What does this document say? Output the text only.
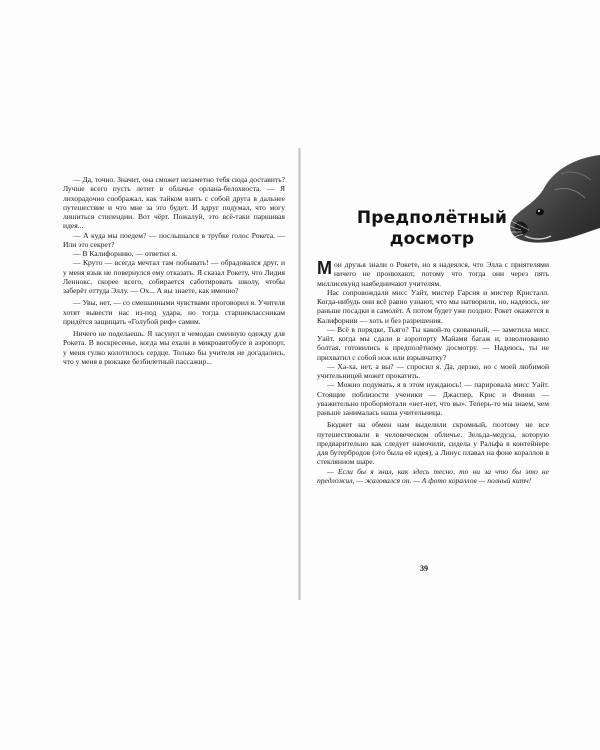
— Да, точно. Значит, она сможет незаметно тебя сюда доставить? Лучше всего пусть летит в облачье орлана-белохвоста. — Я лихорадочно соображал, как тайком взять с собой друга в дальнее путешествие и что мне за это будет. И вдруг подумал, что могу лишиться стипендии. Вот чёрт. Пожалуй, это всё-таки паршивая идея...

— А куда мы поедем? — послышался в трубке голос Рокета. — Или это секрет?

— В Калифорнию, — ответил я.

— Круто — всегда мечтал там побывать! — обрадовался друг, и у меня язык не повернулся ему отказать. Я сказал Рокету, что Лидия Леннокс, скорее всего, собирается саботировать школу, чтобы заберёт оттуда Эллу. — Ох... А вы знаете, как именно?

— Увы, нет, — со смешанными чувствами проговорил я. Учителя хотят вывести нас из-под удара, но тогда старшеклассникам придётся защищать «Голубой риф» самим.

Ничего не поделаешь. Я засунул в чемодан сменную одежду для Рокета. В воскресенье, когда мы ехали в микроавтобусе в аэропорт, у меня гулко колотилось сердце. Только бы учителя не догадались, что у меня в рюкзаке безбилетный пассажир...

Предполётный досмотр
М ои друзья знали о Рокете, но я надеялся, что Элла с приятелями ничего не пронюхают, потому что тогда они через пять миллисекунд наябедничают учителям.

Нас сопровождали мисс Уайт, мистер Гарсия и мистер Кристалл. Когда-нибудь они всё равно узнают, что мы натворили, но, надеюсь, не раньше посадки в самолёт. А потом будет уже поздно: Рокет окажется в Калифорнии — хоть и без разрешения.

— Всё в порядке, Тьяго? Ты какой-то скованный, — заметила мисс Уайт, когда мы сдали в аэропорту Майами багаж и, взволнованно болтая, готовились к предполётному досмотру. — Надеюсь, ты не прихватил с собой нож или взрывчатку?

— Ха-ха, нет, а вы? — спросил я. Да, дерзко, но с моей любимой учительницей может прокатить.

— Можно подумать, я в этом нуждаюсь! — парировала мисс Уайт. Стоящие поблизости ученики — Джаспер, Крис и Финни — уважительно пробормотали «нет-нет, что вы». Теперь-то мы знаем, чем раньше занималась наша учительница.

Бюджет на обмен нам выделили скромный, поэтому не все путешествовали в человеческом обличье. Зельда-медуза, которую предварительно как следует намочили, сидела у Ральфа в контейнере для бутербродов (это была её идея), а Линус плавал на фоне кораллов в стеклянном шаре.

— Если бы я знал, как здесь тесно, то ни за что бы это не предложил, — жаловался он. — А фото кораллов — полный китч!

39
